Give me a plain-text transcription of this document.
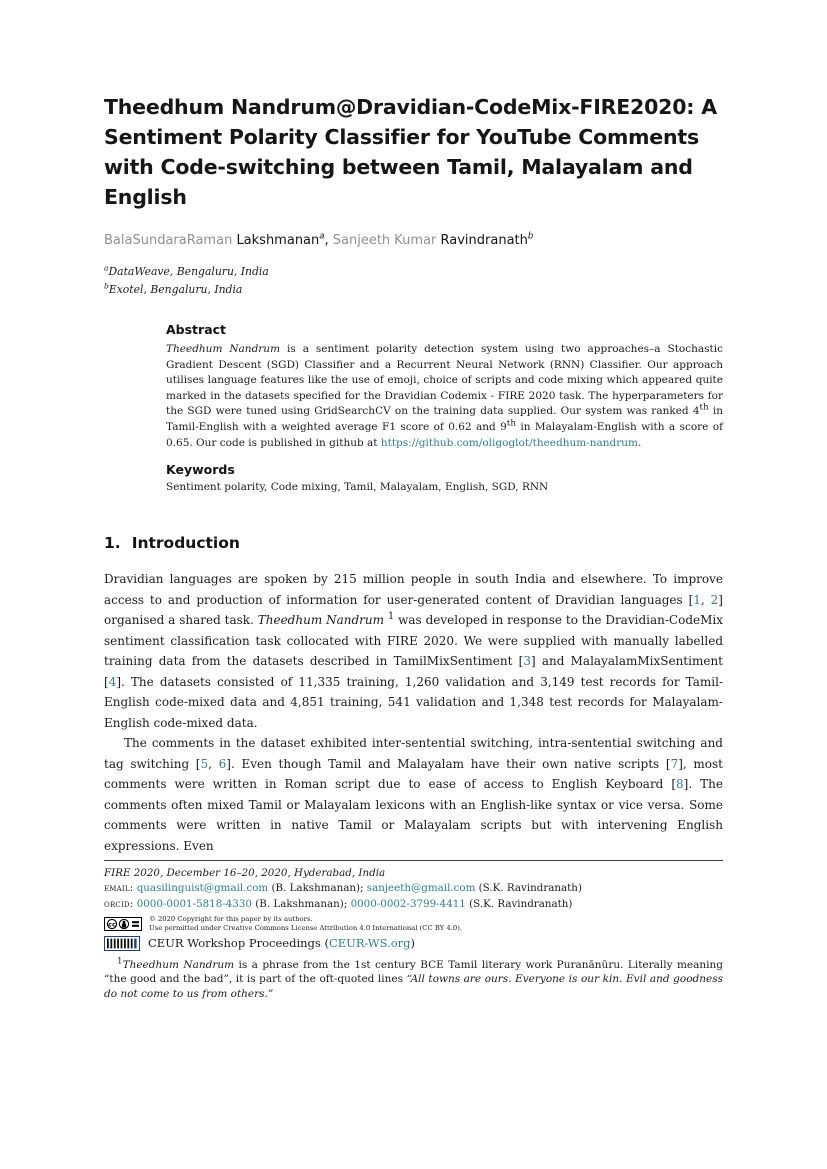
Theedhum Nandrum@Dravidian-CodeMix-FIRE2020: A Sentiment Polarity Classifier for YouTube Comments with Code-switching between Tamil, Malayalam and English

BalaSundaraRaman Lakshmanan$^a$, Sanjeeth Kumar Ravindranath$^b$

$^a$DataWeave, Bengaluru, India

$^b$Exotel, Bengaluru, India

Abstract

Theedhum Nandrum is a sentiment polarity detection system using two approaches–a Stochastic Gradient Descent (SGD) Classifier and a Recurrent Neural Network (RNN) Classifier. Our approach utilises language features like the use of emoji, choice of scripts and code mixing which appeared quite marked in the datasets specified for the Dravidian Codemix - FIRE 2020 task. The hyperparameters for the SGD were tuned using GridSearchCV on the training data supplied. Our system was ranked 4th in Tamil-English with a weighted average F1 score of 0.62 and 9th in Malayalam-English with a score of 0.65. Our code is published in github at https://github.com/oligoglot/theedhum-nandrum.

Keywords

Sentiment polarity, Code mixing, Tamil, Malayalam, English, SGD, RNN

1. Introduction

Dravidian languages are spoken by 215 million people in south India and elsewhere. To improve access to and production of information for user-generated content of Dravidian languages [1, 2] organised a shared task. Theedhum Nandrum $^1$ was developed in response to the Dravidian-CodeMix sentiment classification task collocated with FIRE 2020. We were supplied with manually labelled training data from the datasets described in TamilMixSentiment [3] and MalayalamMixSentiment [4]. The datasets consisted of 11,335 training, 1,260 validation and 3,149 test records for Tamil-English code-mixed data and 4,851 training, 541 validation and 1,348 test records for Malayalam-English code-mixed data.

The comments in the dataset exhibited inter-sentential switching, intra-sentential switching and tag switching [5, 6]. Even though Tamil and Malayalam have their own native scripts [7], most comments were written in Roman script due to ease of access to English Keyboard [8]. The comments often mixed Tamil or Malayalam lexicons with an English-like syntax or vice versa. Some comments were written in native Tamil or Malayalam scripts but with intervening English expressions. Even

FIRE 2020, December 16–20, 2020, Hyderabad, India

email: quasilinguist@gmail.com (B. Lakshmanan); sanjeeth@gmail.com (S.K. Ravindranath)

orcid: 0000-0001-5818-4330 (B. Lakshmanan); 0000-0002-3799-4411 (S.K. Ravindranath)

cc

© 2020 Copyright for this paper by its authors.

Use permitted under Creative Commons License Attribution 4.0 International (CC BY 4.0).

CEUR Workshop Proceedings (CEUR-WS.org)

$^1$Theedhum Nandrum is a phrase from the 1st century BCE Tamil literary work Puranānūru. Literally meaning “the good and the bad”, it is part of the oft-quoted lines “All towns are ours. Everyone is our kin. Evil and goodness do not come to us from others.”
